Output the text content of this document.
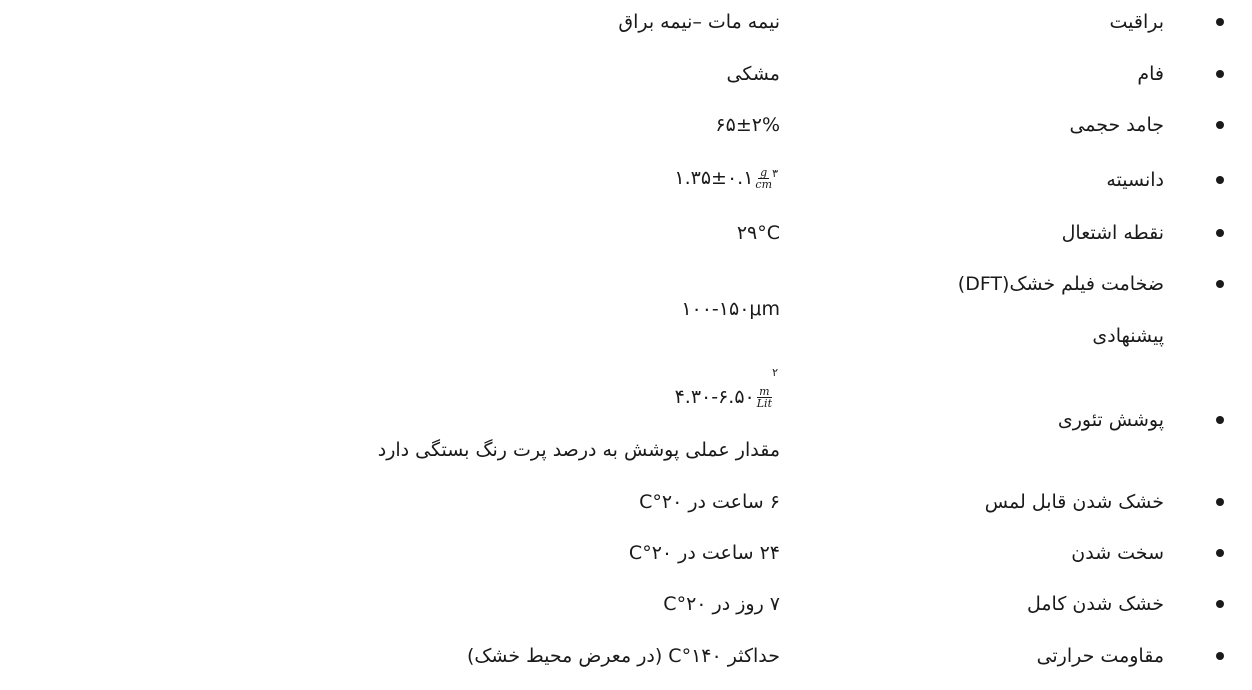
براقیت
نیمه مات –نیمه براق
فام
مشکی
جامد حجمی
۶۵±۲%
دانسیته
۱.۳۵±۰.۱ $\frac{g}{cm}$
۳
نقطه اشتعال
۲۹°C
ضخامت فیلم خشک(DFT)
پیشنهادی
۱۰۰-۱۵۰μm
پوشش تئوری
۲
۴.۳۰-۶.۵۰ $\frac{m}{\text{Lit}}$
مقدار عملی پوشش به درصد پرت رنگ بستگی دارد
خشک شدن قابل لمس
۶ ساعت در ۲۰°C
سخت شدن
۲۴ ساعت در ۲۰°C
خشک شدن کامل
۷ روز در ۲۰°C
مقاومت حرارتی
حداکثر ۱۴۰°C (در معرض محیط خشک)
